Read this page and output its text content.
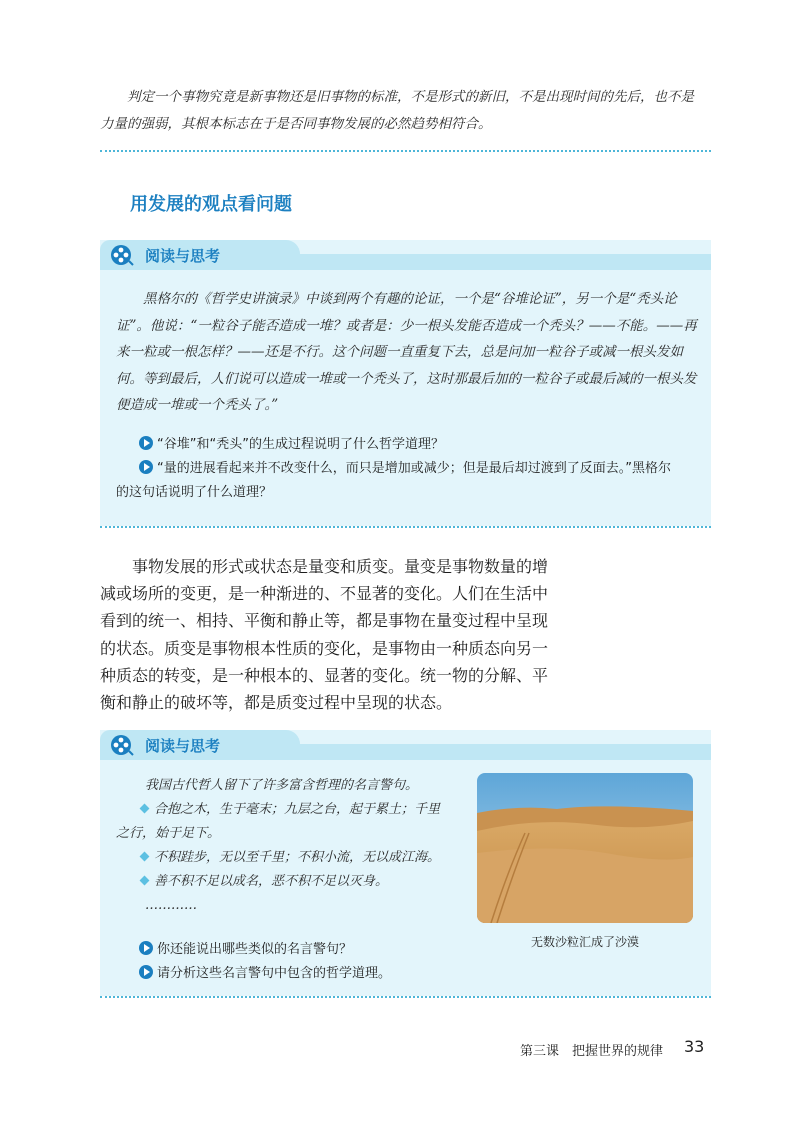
判定一个事物究竟是新事物还是旧事物的标准，不是形式的新旧，不是出现时间的先后，也不是力量的强弱，其根本标志在于是否同事物发展的必然趋势相符合。
用发展的观点看问题
阅读与思考

黑格尔的《哲学史讲演录》中谈到两个有趣的论证，一个是“谷堆论证”，另一个是“秃头论证”。他说：“一粒谷子能否造成一堆？或者是：少一根头发能否造成一个秃头？——不能。——再来一粒或一根怎样？——还是不行。这个问题一直重复下去，总是问加一粒谷子或减一根头发如何。等到最后，人们说可以造成一堆或一个秃头了，这时那最后加的一粒谷子或最后减的一根头发便造成一堆或一个秃头了。”

“谷堆”和“秃头”的生成过程说明了什么哲学道理？
“量的进展看起来并不改变什么，而只是增加或减少；但是最后却过渡到了反面去。”黑格尔
的这句话说明了什么道理？

事物发展的形式或状态是量变和质变。量变是事物数量的增减或场所的变更，是一种渐进的、不显著的变化。人们在生活中看到的统一、相持、平衡和静止等，都是事物在量变过程中呈现的状态。质变是事物根本性质的变化，是事物由一种质态向另一种质态的转变，是一种根本的、显著的变化。统一物的分解、平衡和静止的破坏等，都是质变过程中呈现的状态。

阅读与思考

我国古代哲人留下了许多富含哲理的名言警句。

合抱之木，生于毫末；九层之台，起于累土；千里

之行，始于足下。

不积跬步，无以至千里；不积小流，无以成江海。

善不积不足以成名，恶不积不足以灭身。

…………

无数沙粒汇成了沙漠
你还能说出哪些类似的名言警句？
请分析这些名言警句中包含的哲学道理。
第三课　把握世界的规律 33
